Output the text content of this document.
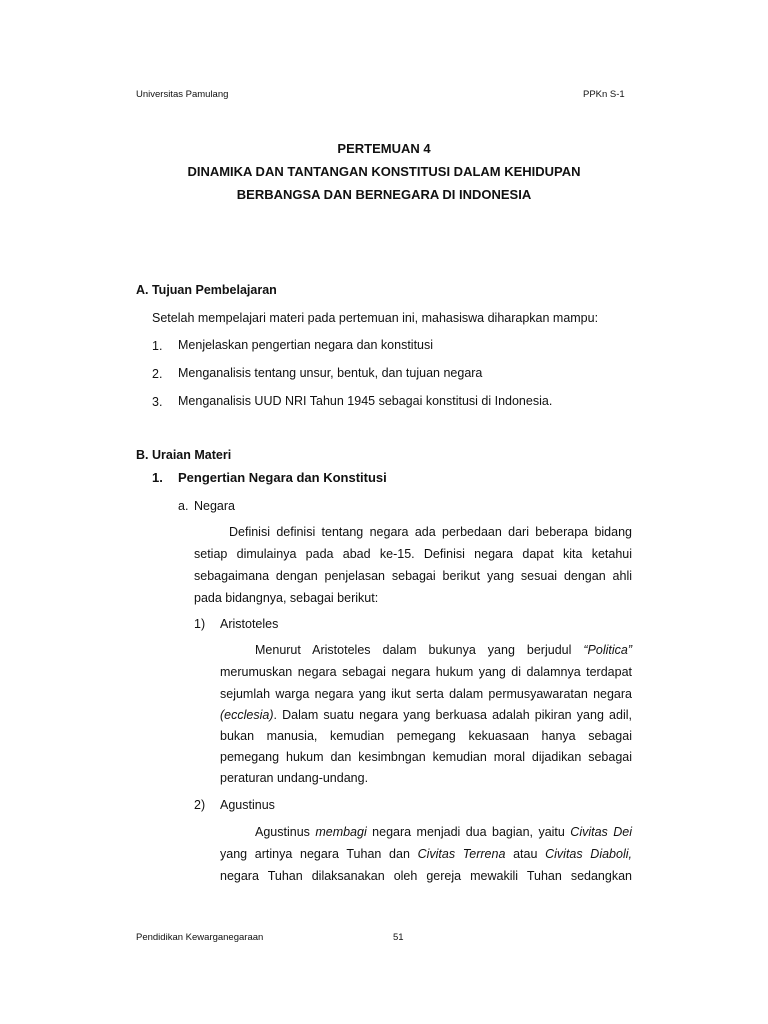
Universitas Pamulang	PPKn S-1
PERTEMUAN 4
DINAMIKA DAN TANTANGAN KONSTITUSI DALAM KEHIDUPAN
BERBANGSA DAN BERNEGARA DI INDONESIA
A. Tujuan Pembelajaran
Setelah mempelajari materi pada pertemuan ini, mahasiswa diharapkan mampu:
1. Menjelaskan pengertian negara dan konstitusi
2. Menganalisis tentang unsur, bentuk, dan tujuan negara
3. Menganalisis UUD NRI Tahun 1945 sebagai konstitusi di Indonesia.
B. Uraian Materi
1. Pengertian Negara dan Konstitusi
a. Negara
Definisi definisi tentang negara ada perbedaan dari beberapa bidang
setiap dimulainya pada abad ke-15. Definisi negara dapat kita ketahui
sebagaimana dengan penjelasan sebagai berikut yang sesuai dengan ahli
pada bidangnya, sebagai berikut:
1) Aristoteles
Menurut Aristoteles dalam bukunya yang berjudul “Politica”
merumuskan negara sebagai negara hukum yang di dalamnya terdapat
sejumlah warga negara yang ikut serta dalam permusyawaratan negara
(ecclesia). Dalam suatu negara yang berkuasa adalah pikiran yang adil,
bukan manusia, kemudian pemegang kekuasaan hanya sebagai
pemegang hukum dan kesimbngan kemudian moral dijadikan sebagai
peraturan undang-undang.
2) Agustinus
Agustinus membagi negara menjadi dua bagian, yaitu Civitas Dei
yang artinya negara Tuhan dan Civitas Terrena atau Civitas Diaboli,
negara Tuhan dilaksanakan oleh gereja mewakili Tuhan sedangkan
Pendidikan Kewarganegaraan	51
